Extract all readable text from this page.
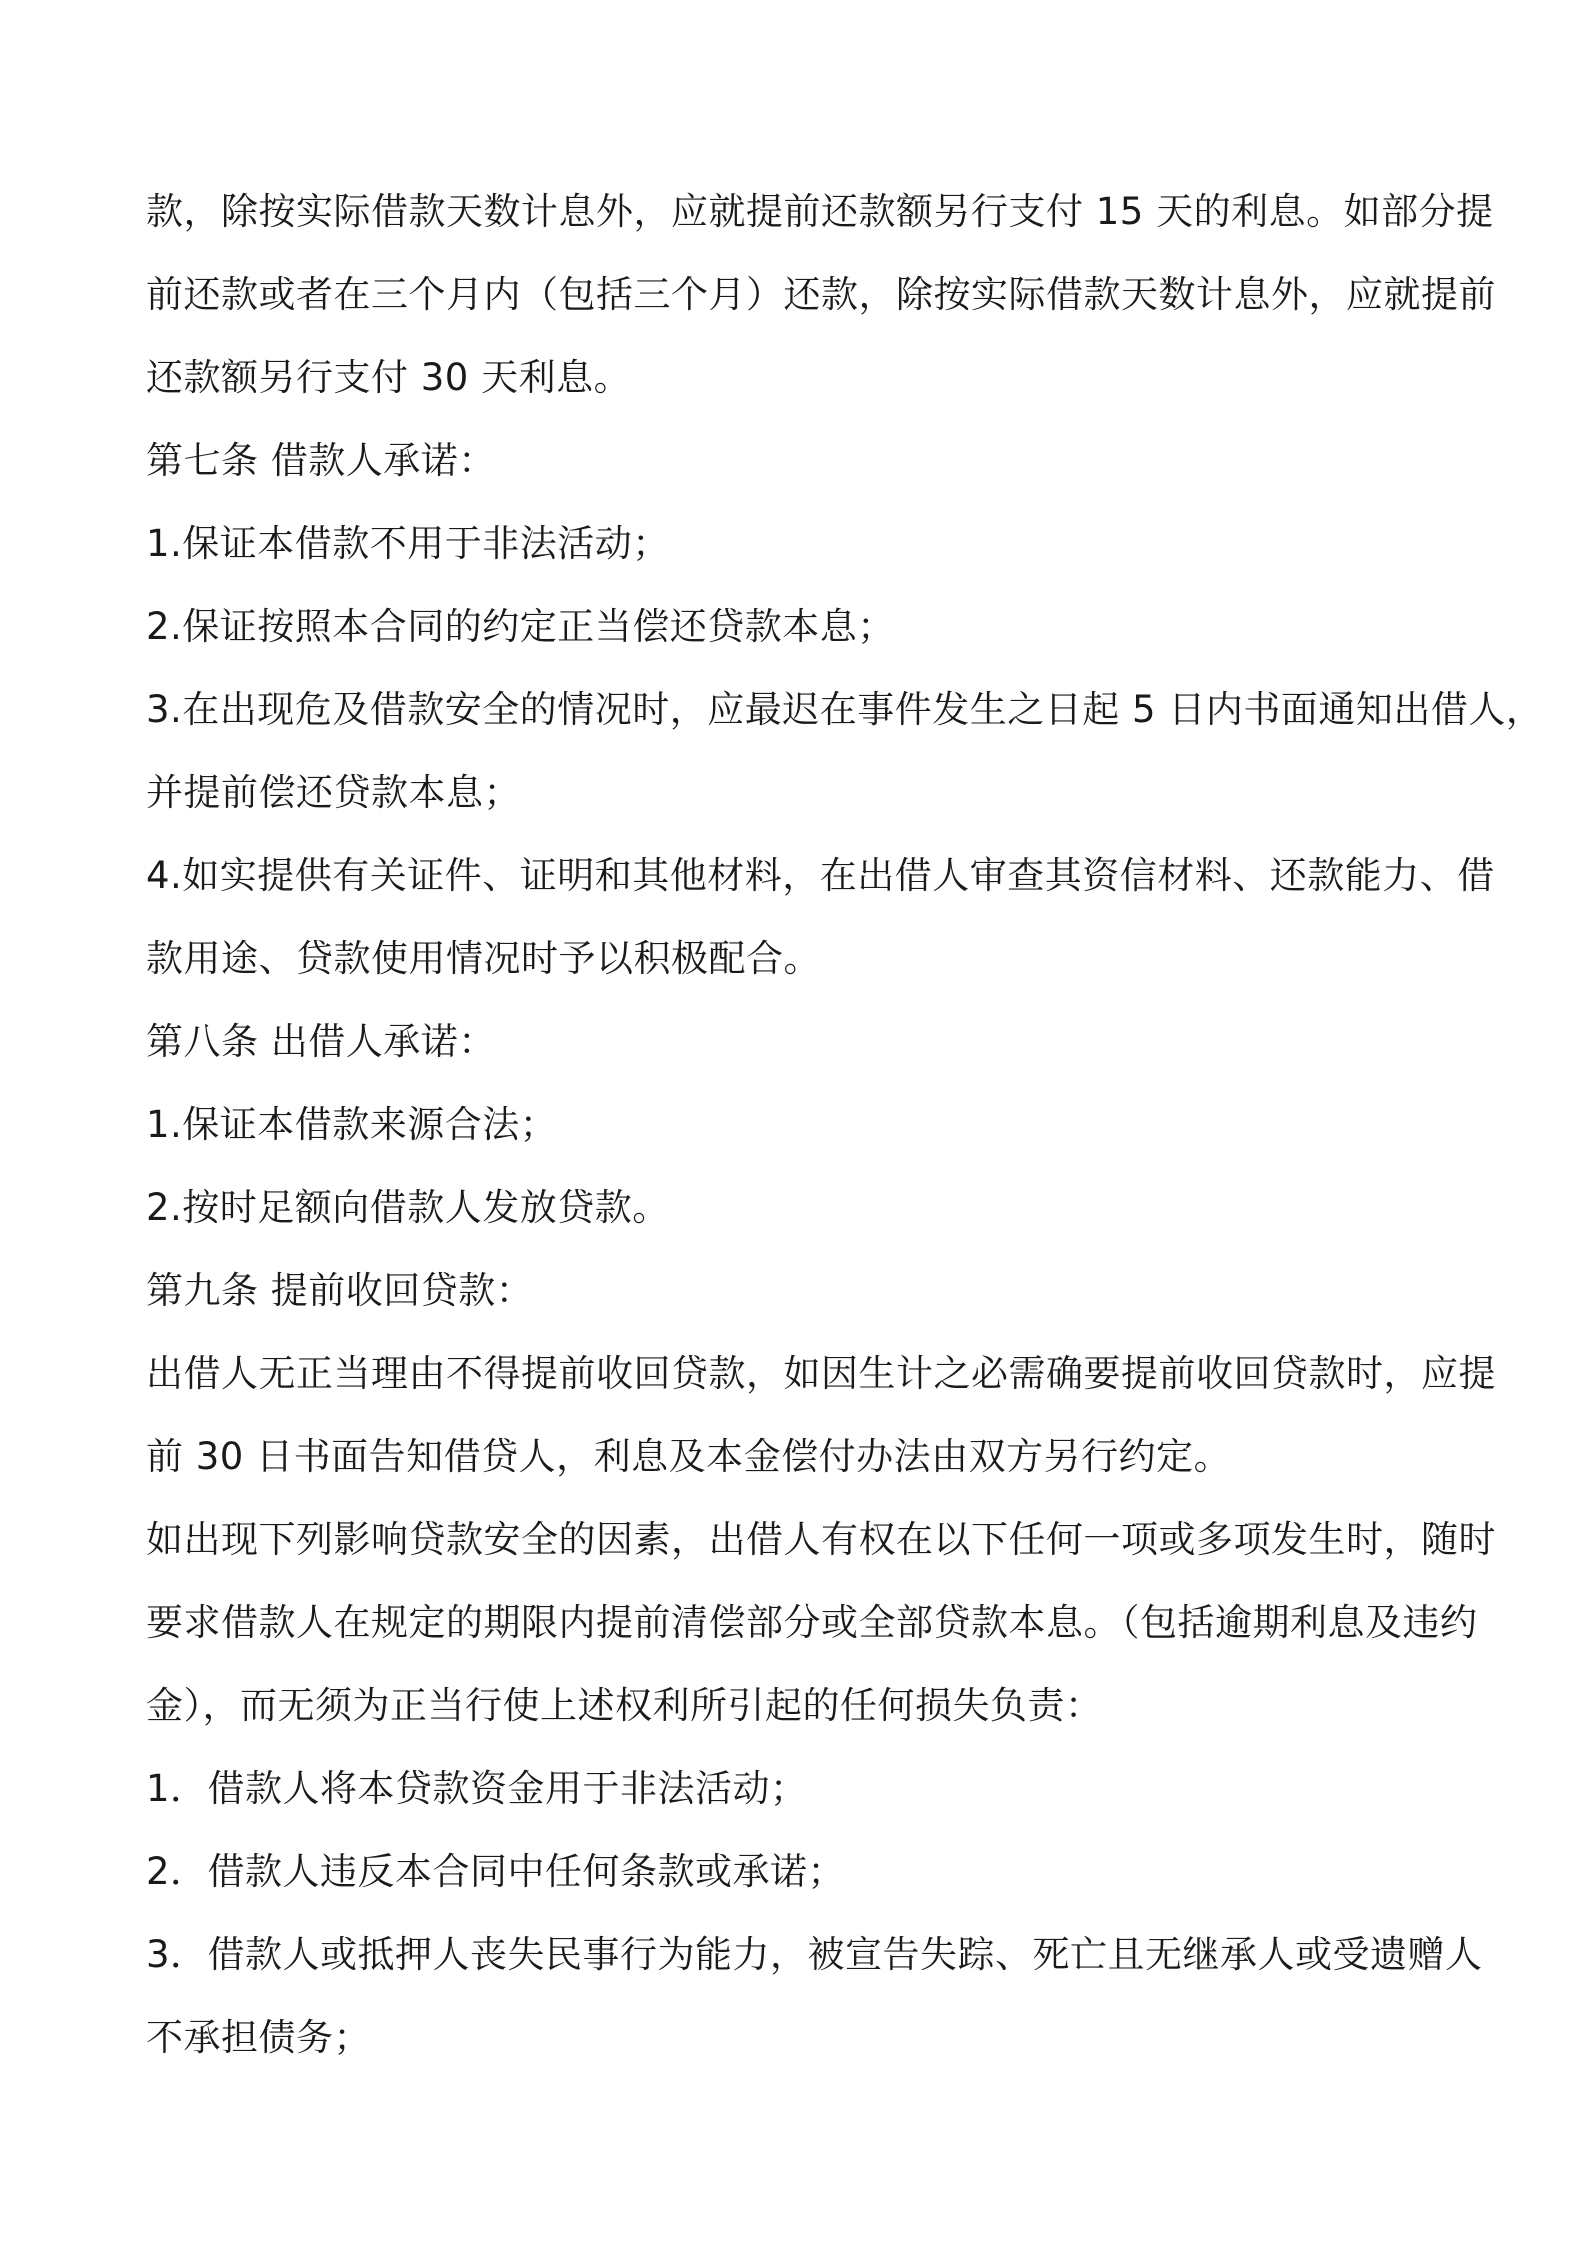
款，除按实际借款天数计息外，应就提前还款额另行支付 15 天的利息。如部分提
前还款或者在三个月内（包括三个月）还款，除按实际借款天数计息外，应就提前
还款额另行支付 30 天利息。
第七条 借款人承诺：
1.保证本借款不用于非法活动；
2.保证按照本合同的约定正当偿还贷款本息；
3.在出现危及借款安全的情况时，应最迟在事件发生之日起 5 日内书面通知出借人，
并提前偿还贷款本息；
4.如实提供有关证件、证明和其他材料，在出借人审查其资信材料、还款能力、借
款用途、贷款使用情况时予以积极配合。
第八条 出借人承诺：
1.保证本借款来源合法；
2.按时足额向借款人发放贷款。
第九条 提前收回贷款：
出借人无正当理由不得提前收回贷款，如因生计之必需确要提前收回贷款时，应提
前 30 日书面告知借贷人，利息及本金偿付办法由双方另行约定。
如出现下列影响贷款安全的因素，出借人有权在以下任何一项或多项发生时，随时
要求借款人在规定的期限内提前清偿部分或全部贷款本息。（包括逾期利息及违约
金），而无须为正当行使上述权利所引起的任何损失负责：
1．借款人将本贷款资金用于非法活动；
2．借款人违反本合同中任何条款或承诺；
3．借款人或抵押人丧失民事行为能力，被宣告失踪、死亡且无继承人或受遗赠人
不承担债务；
